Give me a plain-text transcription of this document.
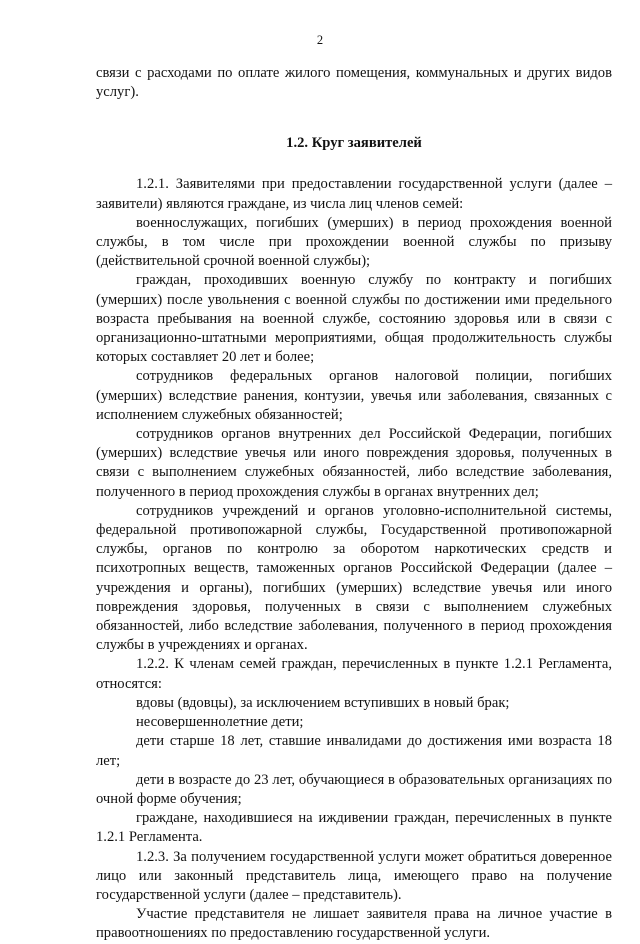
2

связи с расходами по оплате жилого помещения, коммунальных и других видов услуг).

1.2. Круг заявителей

1.2.1. Заявителями при предоставлении государственной услуги (далее – заявители) являются граждане, из числа лиц членов семей:

военнослужащих, погибших (умерших) в период прохождения военной службы, в том числе при прохождении военной службы по призыву (действительной срочной военной службы);

граждан, проходивших военную службу по контракту и погибших (умерших) после увольнения с военной службы по достижении ими предельного возраста пребывания на военной службе, состоянию здоровья или в связи с организационно-штатными мероприятиями, общая продолжительность службы которых составляет 20 лет и более;

сотрудников федеральных органов налоговой полиции, погибших (умерших) вследствие ранения, контузии, увечья или заболевания, связанных с исполнением служебных обязанностей;

сотрудников органов внутренних дел Российской Федерации, погибших (умерших) вследствие увечья или иного повреждения здоровья, полученных в связи с выполнением служебных обязанностей, либо вследствие заболевания, полученного в период прохождения службы в органах внутренних дел;

сотрудников учреждений и органов уголовно-исполнительной системы, федеральной противопожарной службы, Государственной противопожарной службы, органов по контролю за оборотом наркотических средств и психотропных веществ, таможенных органов Российской Федерации (далее – учреждения и органы), погибших (умерших) вследствие увечья или иного повреждения здоровья, полученных в связи с выполнением служебных обязанностей, либо вследствие заболевания, полученного в период прохождения службы в учреждениях и органах.

1.2.2. К членам семей граждан, перечисленных в пункте 1.2.1 Регламента, относятся:

вдовы (вдовцы), за исключением вступивших в новый брак;

несовершеннолетние дети;

дети старше 18 лет, ставшие инвалидами до достижения ими возраста 18 лет;

дети в возрасте до 23 лет, обучающиеся в образовательных организациях по очной форме обучения;

граждане, находившиеся на иждивении граждан, перечисленных в пункте 1.2.1 Регламента.

1.2.3. За получением государственной услуги может обратиться доверенное лицо или законный представитель лица, имеющего право на получение государственной услуги (далее – представитель).

Участие представителя не лишает заявителя права на личное участие в правоотношениях по предоставлению государственной услуги.
